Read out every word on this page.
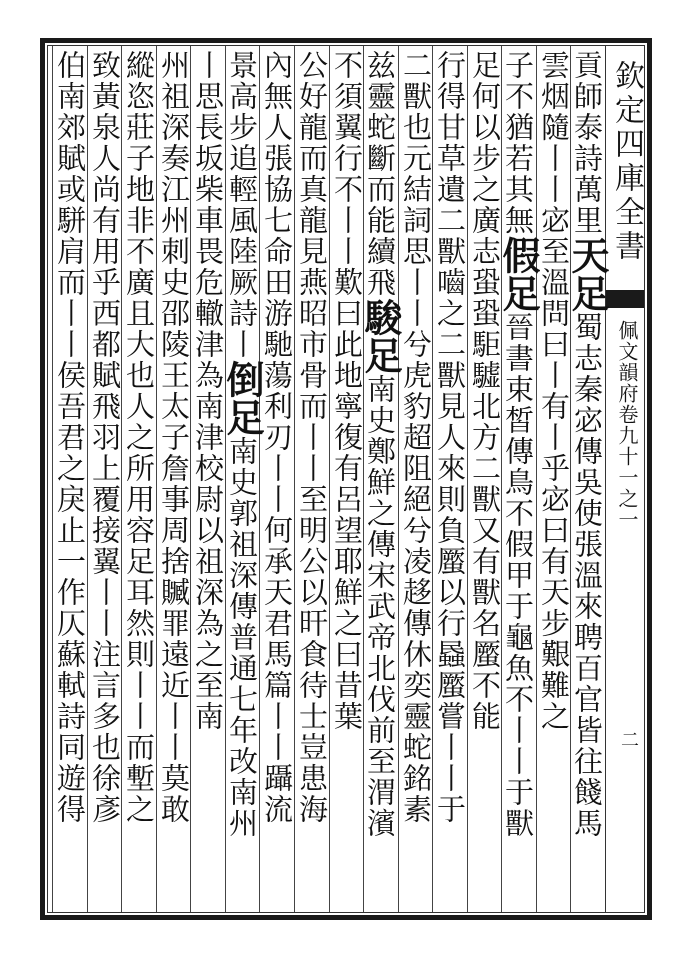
欽定四庫全書
佩文韻府卷九十一之一
二
貢師泰詩萬里天足蜀志秦宓傳吳使張溫來聘百官皆往餞馬
雲烟隨丨丨宓至溫問曰丨有丨乎宓曰有天步艱難之
子不猶若其無假足晉書束皙傳鳥不假甲于龜魚不丨丨于獸
足何以步之廣志蛩蛩駏驉北方二獸又有獸名蟨不能
行得甘草遺二獸嚙之二獸見人來則負蟨以行蟁蟨嘗丨丨于
二獸也元結詞思丨丨兮虎豹超阻絕兮凌趍傳休奕靈蛇銘素
兹靈蛇斷而能續飛駿足南史鄭鮮之傳宋武帝北伐前至渭濱
不須翼行不丨丨歎曰此地寧復有呂望耶鮮之曰昔葉
公好龍而真龍見燕昭市骨而丨丨至明公以旰食待士豈患海
內無人張協七命田游馳蕩利刃丨丨何承天君馬篇丨丨躡流
景高步追輕風陸厥詩丨倒足南史郭祖深傳普通七年改南州
丨思長坂柴車畏危轍津為南津校尉以祖深為之至南
州祖深奏江州刺史邵陵王太子詹事周捨贓罪遠近丨丨莫敢
縱恣莊子地非不廣且大也人之所用容足耳然則丨丨而塹之
致黃泉人尚有用乎西都賦飛羽上覆接翼丨丨注言多也徐彥
伯南郊賦或駢肩而丨丨侯吾君之戾止一作仄蘇軾詩同遊得
